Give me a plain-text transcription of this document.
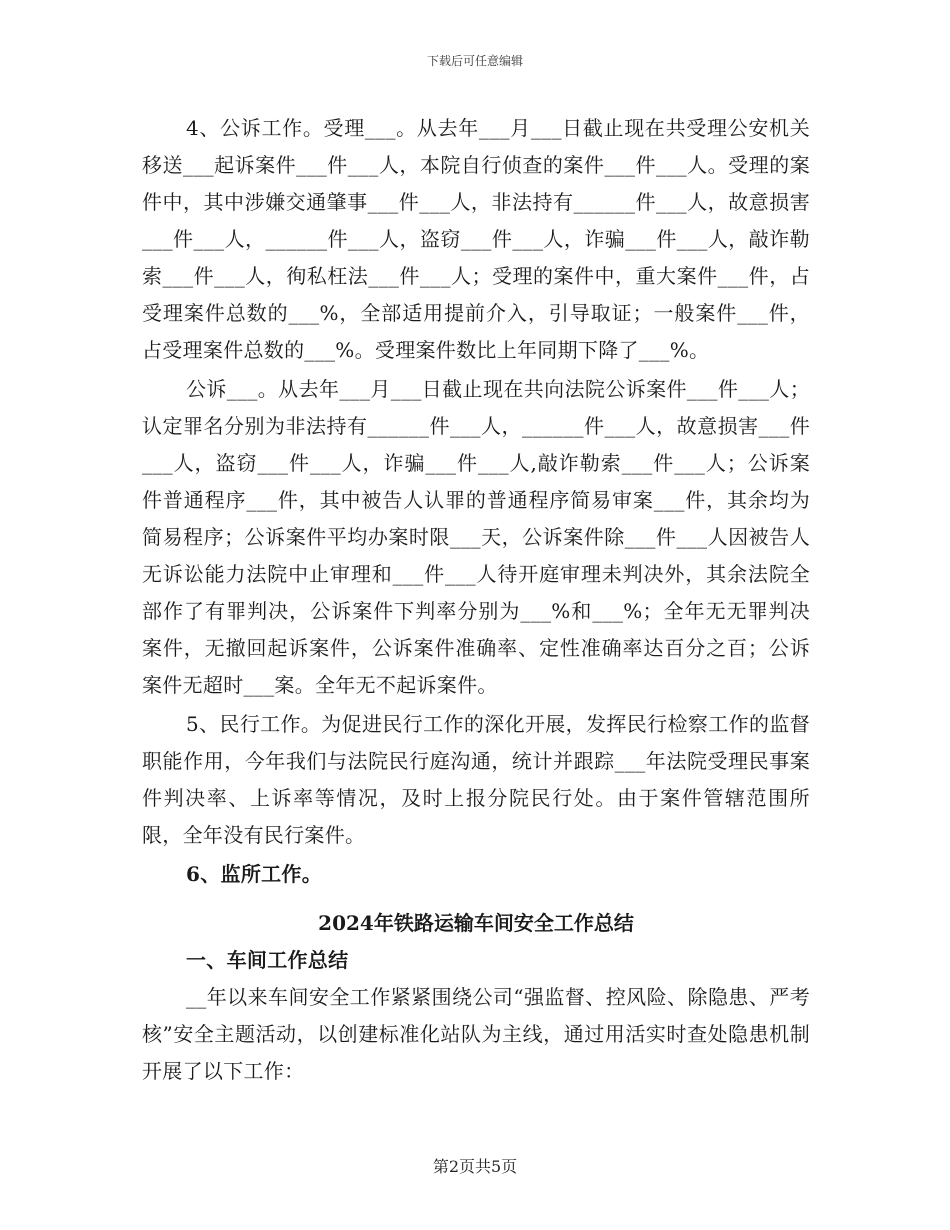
下载后可任意编辑

4、公诉工作。受理___。从去年___月___日截止现在共受理公安机关移送___起诉案件___件___人，本院自行侦查的案件___件___人。受理的案件中，其中涉嫌交通肇事___件___人，非法持有______件___人，故意损害___件___人，______件___人，盗窃___件___人，诈骗___件___人，敲诈勒索___件___人，徇私枉法___件___人；受理的案件中，重大案件___件，占受理案件总数的___%，全部适用提前介入，引导取证；一般案件___件，占受理案件总数的___%。受理案件数比上年同期下降了___%。

公诉___。从去年___月___日截止现在共向法院公诉案件___件___人；认定罪名分别为非法持有______件___人，______件___人，故意损害___件___人，盗窃___件___人，诈骗___件___人,敲诈勒索___件___人；公诉案件普通程序___件，其中被告人认罪的普通程序简易审案___件，其余均为简易程序；公诉案件平均办案时限___天，公诉案件除___件___人因被告人无诉讼能力法院中止审理和___件___人待开庭审理未判决外，其余法院全部作了有罪判决，公诉案件下判率分别为___%和___%；全年无无罪判决案件，无撤回起诉案件，公诉案件准确率、定性准确率达百分之百；公诉案件无超时___案。全年无不起诉案件。

5、民行工作。为促进民行工作的深化开展，发挥民行检察工作的监督职能作用，今年我们与法院民行庭沟通，统计并跟踪___年法院受理民事案件判决率、上诉率等情况，及时上报分院民行处。由于案件管辖范围所限，全年没有民行案件。

6、监所工作。

2024年铁路运输车间安全工作总结

一、车间工作总结

__年以来车间安全工作紧紧围绕公司“强监督、控风险、除隐患、严考核”安全主题活动，以创建标准化站队为主线，通过用活实时查处隐患机制开展了以下工作：

第2页共5页
